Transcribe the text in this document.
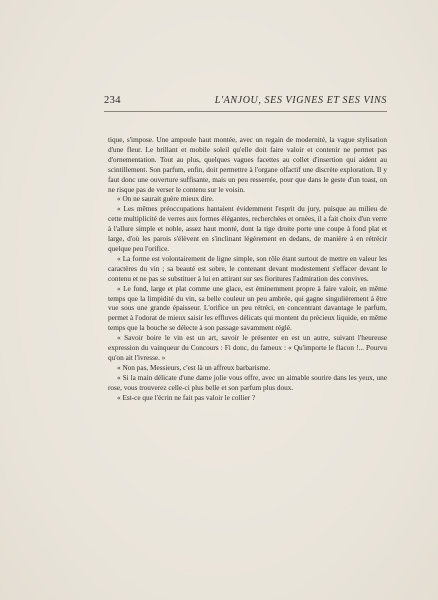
234	L'ANJOU, SES VIGNES ET SES VINS

tique, s'impose. Une ampoule haut montée, avec un regain de modernité, la vague stylisation d'une fleur. Le brillant et mobile soleil qu'elle doit faire valoir et contenir ne permet pas d'ornementation. Tout au plus, quelques vagues facettes au collet d'insertion qui aident au scintillement. Son parfum, enfin, doit permettre à l'organe olfactif une discrète exploration. Il y faut donc une ouverture suffisante, mais un peu resserrée, pour que dans le geste d'un toast, on ne risque pas de verser le contenu sur le voisin.

« On ne saurait guère mieux dire.

« Les mêmes préoccupations hantaient évidemment l'esprit du jury, puisque au milieu de cette multiplicité de verres aux formes élégantes, recherchées et ornées, il a fait choix d'un verre à l'allure simple et noble, assez haut monté, dont la tige droite porte une coupe à fond plat et large, d'où les parois s'élèvent en s'inclinant légèrement en dedans, de manière à en rétrécir quelque peu l'orifice.

« La forme est volontairement de ligne simple, son rôle étant surtout de mettre en valeur les caractères du vin ; sa beauté est sobre, le contenant devant modestement s'effacer devant le contenu et ne pas se substituer à lui en attirant sur ses fioritures l'admiration des convives.

« Le fond, large et plat comme une glace, est éminemment propre à faire valoir, en même temps que la limpidité du vin, sa belle couleur un peu ambrée, qui gagne singulièrement à être vue sous une grande épaisseur. L'orifice un peu rétréci, en concentrant davantage le parfum, permet à l'odorat de mieux saisir les effluves délicats qui montent du précieux liquide, en même temps que la bouche se délecte à son passage savamment réglé.

« Savoir boire le vin est un art, savoir le présenter en est un autre, suivant l'heureuse expression du vainqueur du Concours : Fi donc, du fameux : « Qu'importe le flacon !... Pourvu qu'on ait l'ivresse. »

« Non pas, Messieurs, c'est là un affreux barbarisme.

« Si la main délicate d'une dame jolie vous offre, avec un aimable sourire dans les yeux, une rose, vous trouverez celle-ci plus belle et son parfum plus doux.

« Est-ce que l'écrin ne fait pas valoir le collier ?
